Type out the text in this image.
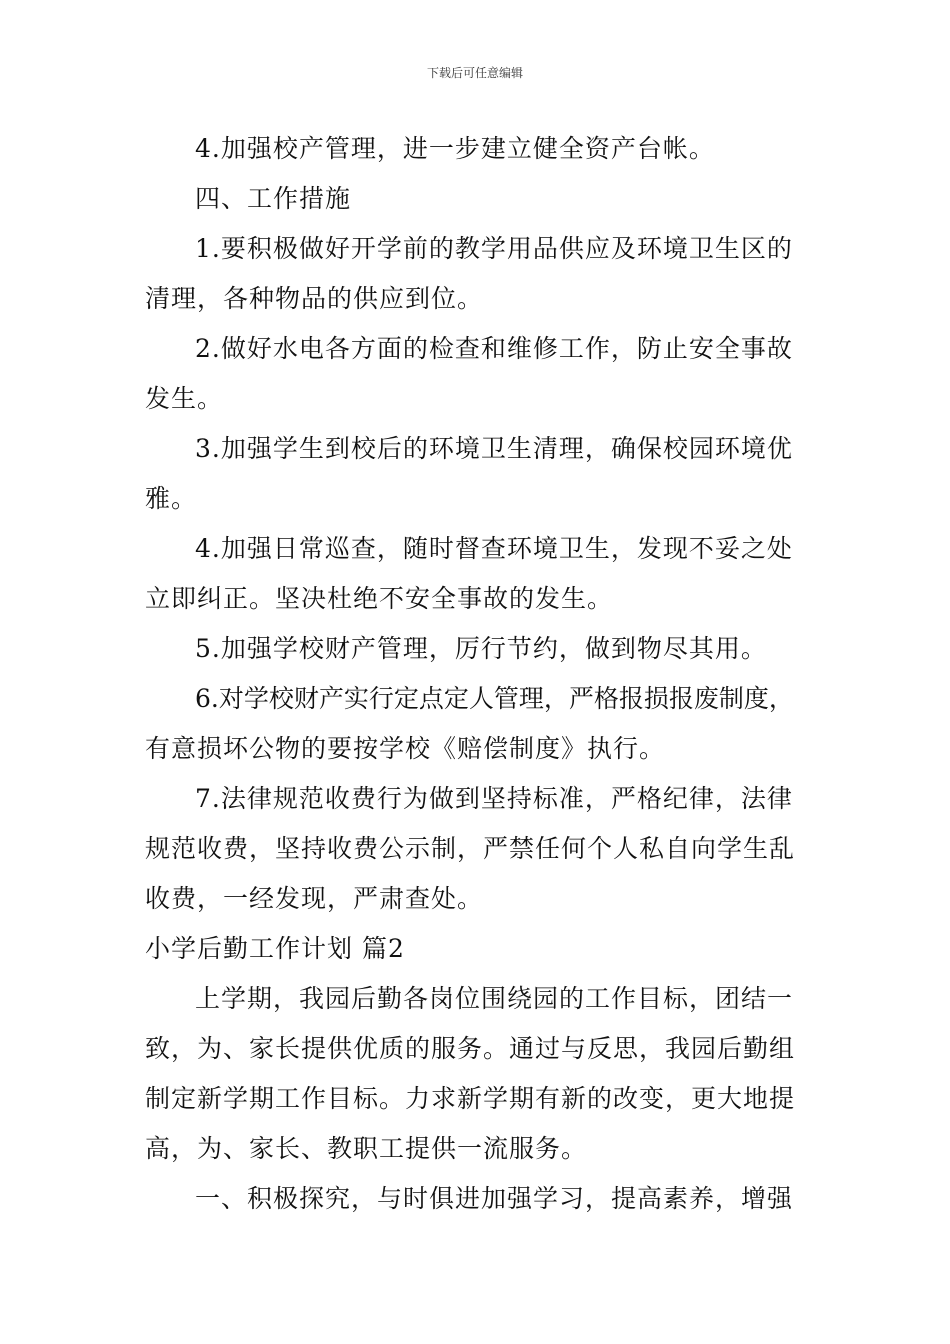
下载后可任意编辑
4.加强校产管理，进一步建立健全资产台帐。
四、工作措施
1.要积极做好开学前的教学用品供应及环境卫生区的
清理，各种物品的供应到位。
2.做好水电各方面的检查和维修工作，防止安全事故
发生。
3.加强学生到校后的环境卫生清理，确保校园环境优
雅。
4.加强日常巡查，随时督查环境卫生，发现不妥之处
立即纠正。坚决杜绝不安全事故的发生。
5.加强学校财产管理，厉行节约，做到物尽其用。
6.对学校财产实行定点定人管理，严格报损报废制度，
有意损坏公物的要按学校《赔偿制度》执行。
7.法律规范收费行为做到坚持标准，严格纪律，法律
规范收费，坚持收费公示制，严禁任何个人私自向学生乱
收费，一经发现，严肃查处。
小学后勤工作计划 篇2
上学期，我园后勤各岗位围绕园的工作目标，团结一
致，为、家长提供优质的服务。通过与反思，我园后勤组
制定新学期工作目标。力求新学期有新的改变，更大地提
高，为、家长、教职工提供一流服务。
一、积极探究，与时俱进加强学习，提高素养，增强
